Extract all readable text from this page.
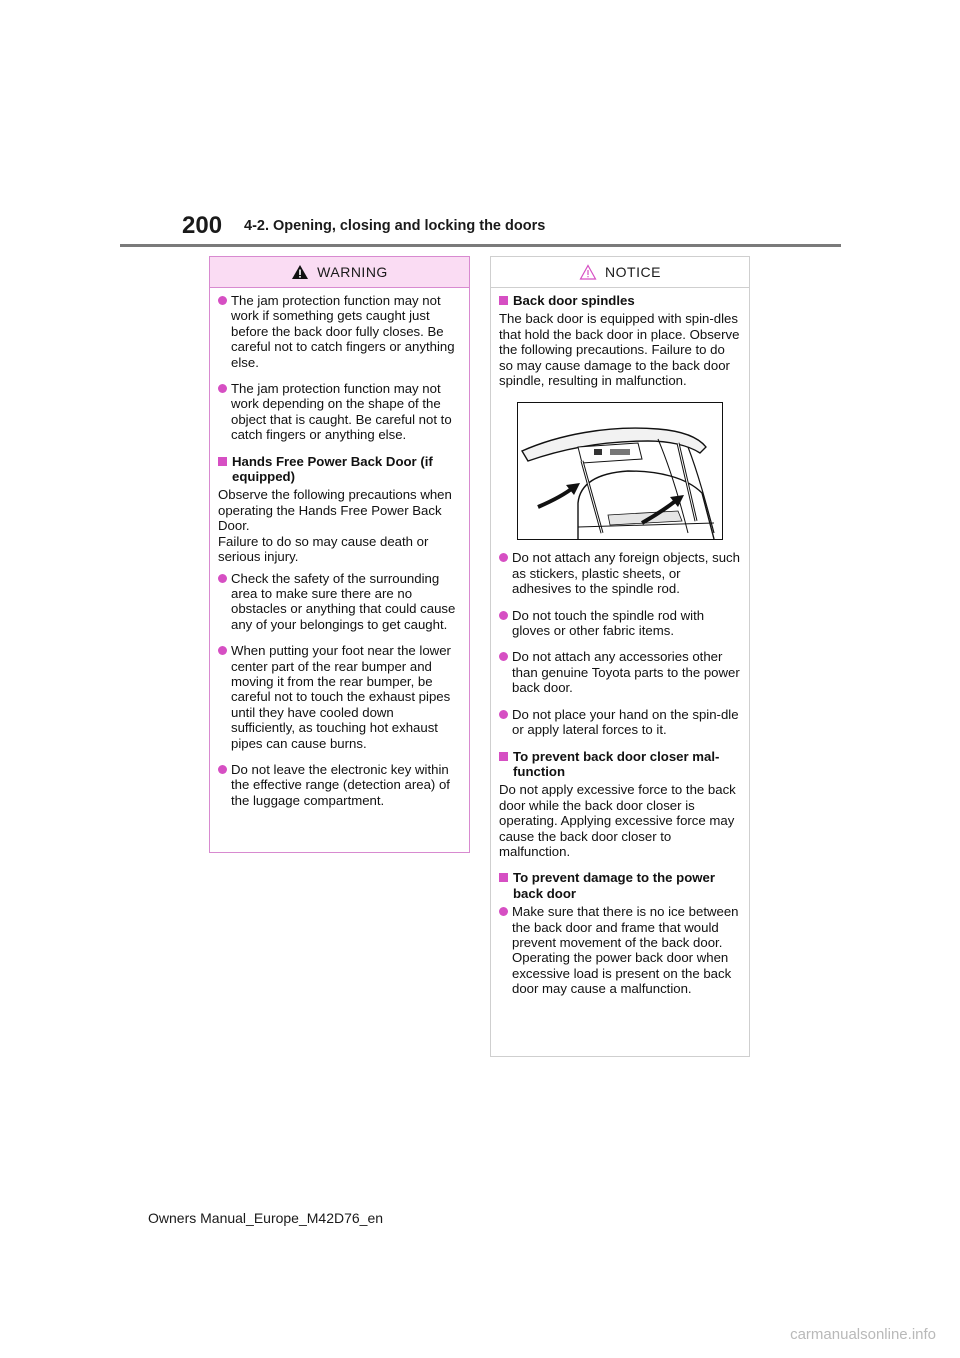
200 4-2. Opening, closing and locking the doors
WARNING
The jam protection function may not work if something gets caught just before the back door fully closes. Be careful not to catch fingers or anything else.
The jam protection function may not work depending on the shape of the object that is caught. Be careful not to catch fingers or anything else.
Hands Free Power Back Door (if equipped)
Observe the following precautions when operating the Hands Free Power Back Door.
Failure to do so may cause death or serious injury.
Check the safety of the surrounding area to make sure there are no obstacles or anything that could cause any of your belongings to get caught.
When putting your foot near the lower center part of the rear bumper and moving it from the rear bumper, be careful not to touch the exhaust pipes until they have cooled down sufficiently, as touching hot exhaust pipes can cause burns.
Do not leave the electronic key within the effective range (detection area) of the luggage compartment.
NOTICE
Back door spindles
The back door is equipped with spin-dles that hold the back door in place. Observe the following precautions. Failure to do so may cause damage to the back door spindle, resulting in malfunction.
Do not attach any foreign objects, such as stickers, plastic sheets, or adhesives to the spindle rod.
Do not touch the spindle rod with gloves or other fabric items.
Do not attach any accessories other than genuine Toyota parts to the power back door.
Do not place your hand on the spin-dle or apply lateral forces to it.
To prevent back door closer mal-function
Do not apply excessive force to the back door while the back door closer is operating. Applying excessive force may cause the back door closer to malfunction.
To prevent damage to the power back door
Make sure that there is no ice between the back door and frame that would prevent movement of the back door. Operating the power back door when excessive load is present on the back door may cause a malfunction.
Owners Manual_Europe_M42D76_en
carmanualsonline.info
